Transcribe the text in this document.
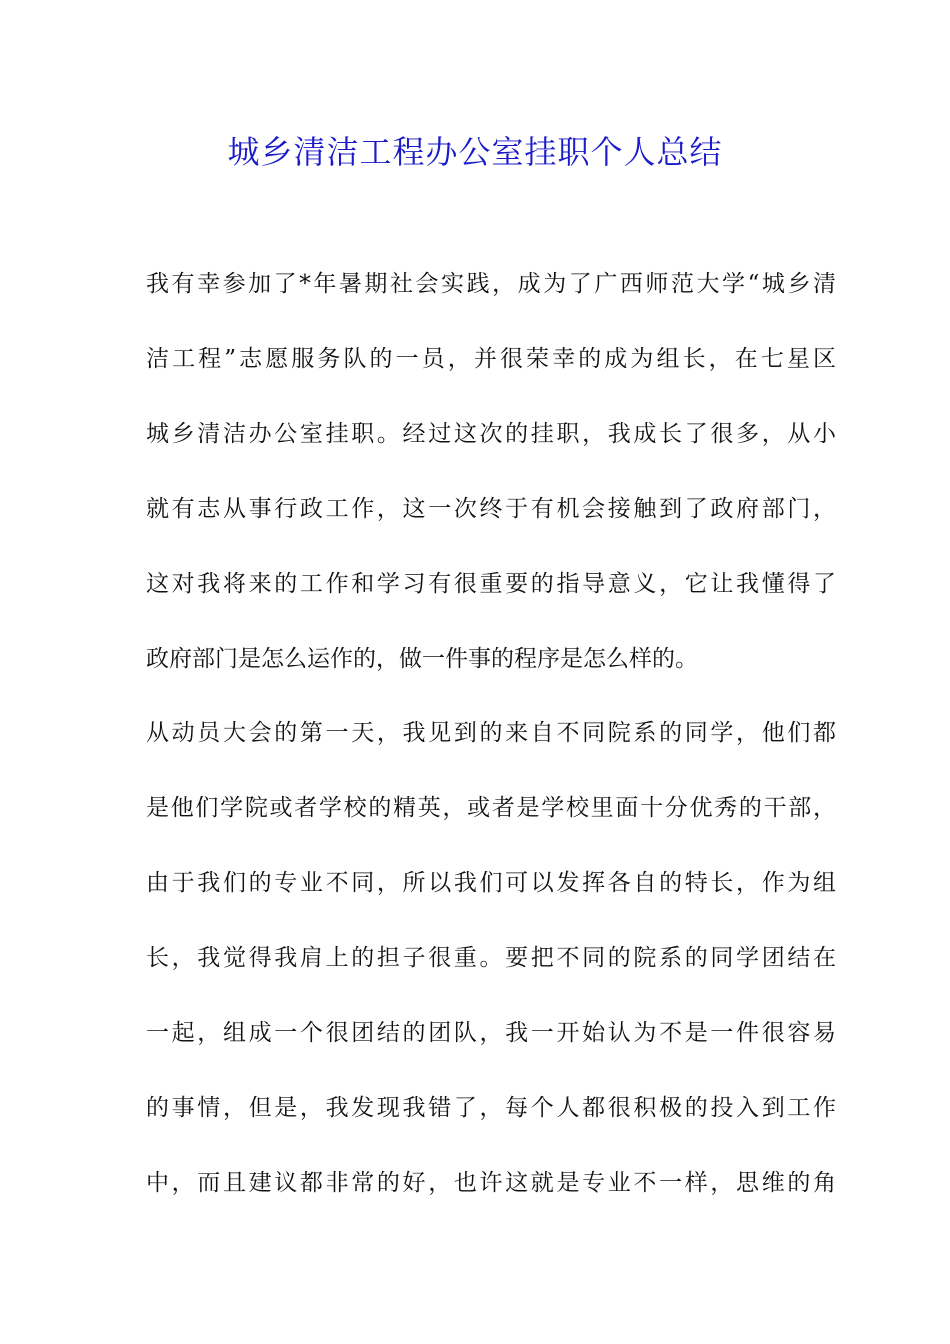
城乡清洁工程办公室挂职个人总结

我有幸参加了*年暑期社会实践，成为了广西师范大学“城乡清

洁工程”志愿服务队的一员，并很荣幸的成为组长，在七星区

城乡清洁办公室挂职。经过这次的挂职，我成长了很多，从小

就有志从事行政工作，这一次终于有机会接触到了政府部门，

这对我将来的工作和学习有很重要的指导意义，它让我懂得了

政府部门是怎么运作的，做一件事的程序是怎么样的。

从动员大会的第一天，我见到的来自不同院系的同学，他们都

是他们学院或者学校的精英，或者是学校里面十分优秀的干部，

由于我们的专业不同，所以我们可以发挥各自的特长，作为组

长，我觉得我肩上的担子很重。要把不同的院系的同学团结在

一起，组成一个很团结的团队，我一开始认为不是一件很容易

的事情，但是，我发现我错了，每个人都很积极的投入到工作

中，而且建议都非常的好，也许这就是专业不一样，思维的角
